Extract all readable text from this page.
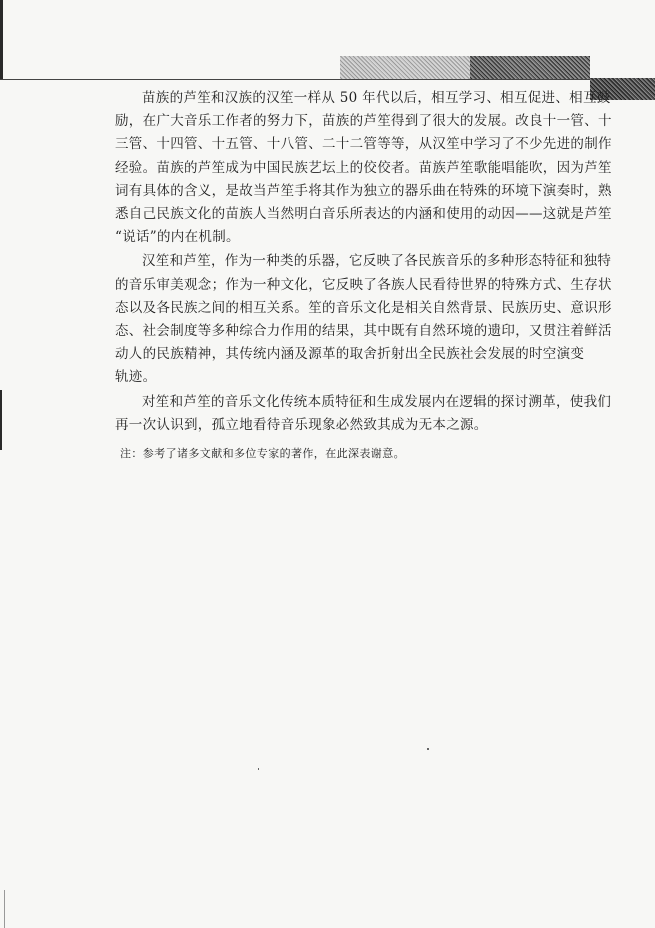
苗族的芦笙和汉族的汉笙一样从 50 年代以后，相互学习、相互促进、相互鼓
励，在广大音乐工作者的努力下，苗族的芦笙得到了很大的发展。改良十一管、十
三管、十四管、十五管、十八管、二十二管等等，从汉笙中学习了不少先进的制作
经验。苗族的芦笙成为中国民族艺坛上的佼佼者。苗族芦笙歌能唱能吹，因为芦笙
词有具体的含义，是故当芦笙手将其作为独立的器乐曲在特殊的环境下演奏时，熟
悉自己民族文化的苗族人当然明白音乐所表达的内涵和使用的动因——这就是芦笙
“说话”的内在机制。

汉笙和芦笙，作为一种类的乐器，它反映了各民族音乐的多种形态特征和独特
的音乐审美观念；作为一种文化，它反映了各族人民看待世界的特殊方式、生存状
态以及各民族之间的相互关系。笙的音乐文化是相关自然背景、民族历史、意识形
态、社会制度等多种综合力作用的结果，其中既有自然环境的遗印，又贯注着鲜活
动人的民族精神，其传统内涵及源革的取舍折射出全民族社会发展的时空演变
轨迹。

对笙和芦笙的音乐文化传统本质特征和生成发展内在逻辑的探讨溯革，使我们
再一次认识到，孤立地看待音乐现象必然致其成为无本之源。

注：参考了诸多文献和多位专家的著作，在此深表谢意。
